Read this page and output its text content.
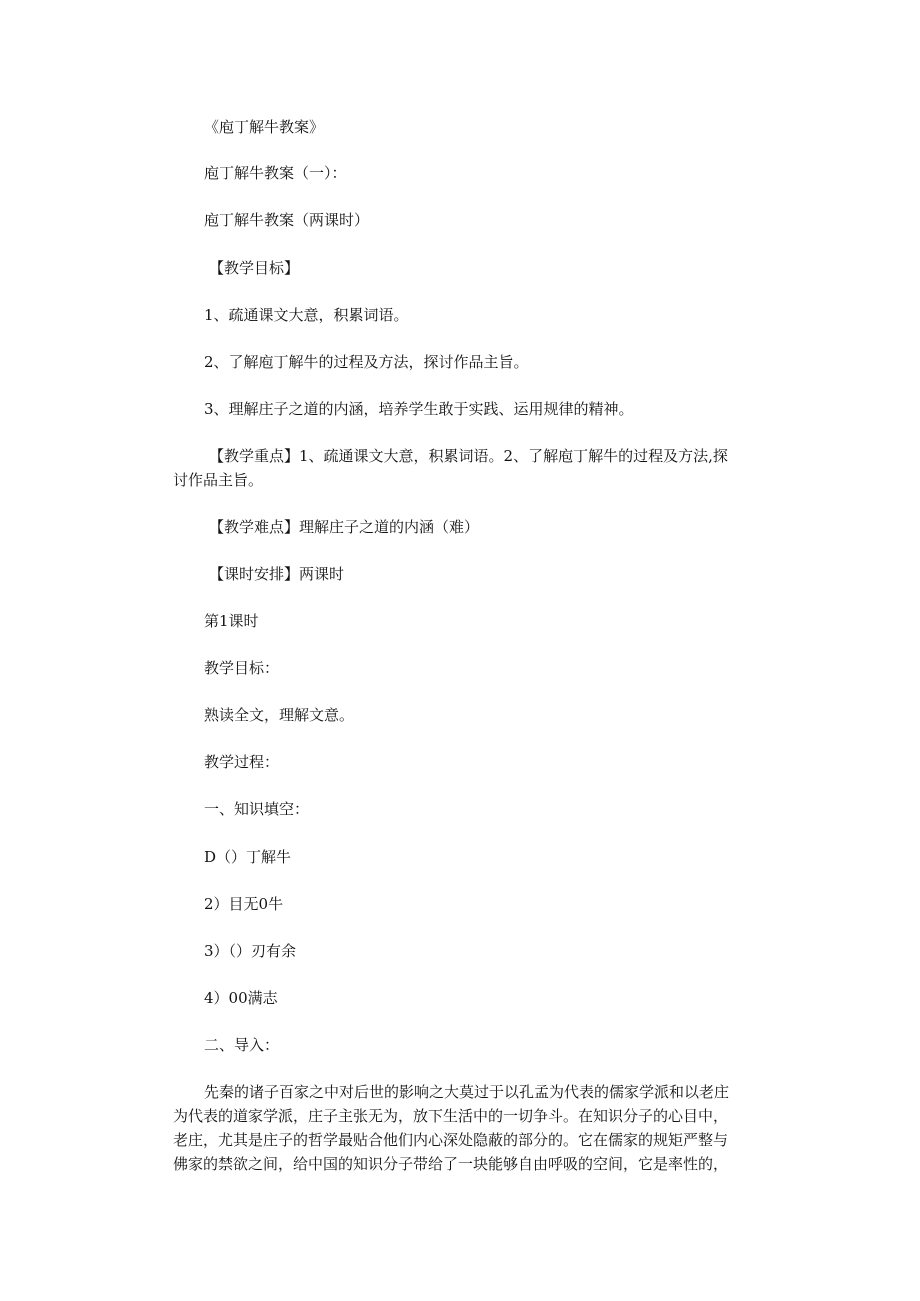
《庖丁解牛教案》
庖丁解牛教案（一）：
庖丁解牛教案（两课时）
【教学目标】
1、疏通课文大意，积累词语。
2、了解庖丁解牛的过程及方法，探讨作品主旨。
3、理解庄子之道的内涵，培养学生敢于实践、运用规律的精神。
【教学重点】1、疏通课文大意，积累词语。2、了解庖丁解牛的过程及方法,探
讨作品主旨。
【教学难点】理解庄子之道的内涵（难）
【课时安排】两课时
第1课时
教学目标：
熟读全文，理解文意。
教学过程：
一、知识填空：
D（）丁解牛
2）目无0牛
3）（）刃有余
4）00满志
二、导入：
先秦的诸子百家之中对后世的影响之大莫过于以孔孟为代表的儒家学派和以老庄
为代表的道家学派，庄子主张无为，放下生活中的一切争斗。在知识分子的心目中，
老庄，尤其是庄子的哲学最贴合他们内心深处隐蔽的部分的。它在儒家的规矩严整与
佛家的禁欲之间，给中国的知识分子带给了一块能够自由呼吸的空间，它是率性的，
